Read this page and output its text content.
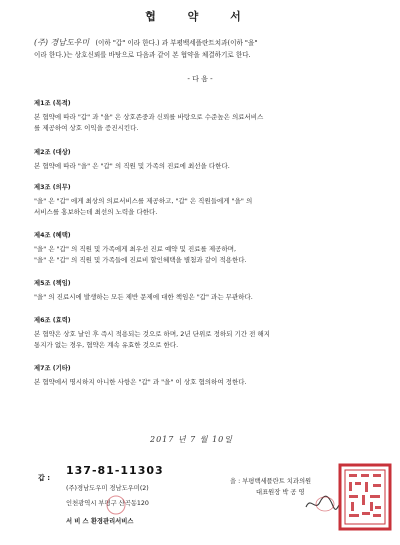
협 약 서
(주) 경남도우미 (이하 "갑" 이라 한다.) 과 부평백세플란트치과(이하 "을"
이라 한다.)는 상호신뢰를 바탕으로 다음과 같이 본 협약을 체결하기로 한다.
- 다 음 -
제1조 (목적)
본 협약에 따라 "갑" 과 "을" 은 상호존중과 신뢰를 바탕으로 수준높은 의료서비스
를 제공하여 상호 이익을 증진시킨다.
제2조 (대상)
본 협약에 따라 "을" 은 "갑" 의 직원 및 가족의 진료에 최선을 다한다.
제3조 (의무)
"을" 은 "갑" 에게 최상의 의료서비스를 제공하고, "갑" 은 직원들에게 "을" 의
서비스를 홍보하는데 최선의 노력을 다한다.
제4조 (혜택)
"을" 은 "갑" 의 직원 및 가족에게 최우선 진료 예약 및 진료를 제공하며,
"을" 은 "갑" 의 직원 및 가족들에 진료비 할인혜택을 별첨과 같이 적용한다.
제5조 (책임)
"을" 의 진료시에 발생하는 모든 제반 문제에 대한 책임은 "갑" 과는 무관하다.
제6조 (효력)
본 협약은 상호 날인 후 즉시 적용되는 것으로 하며, 2년 단위로 정하되 기간 전 해지
통지가 없는 경우, 협약은 계속 유효한 것으로 한다.
제7조 (기타)
본 협약에서 명시하지 아니한 사항은 "갑" 과 "을" 이 상호 협의하여 정한다.
2017 년 7 월 10일
갑 :
137-81-11303
(주)경남도우미 경남도우미(2)
인천광역시 부평구 산곡동120
서 비 스 환경관리서비스
을 : 부평백세플란트 치과의원
대표원장 박 공 영
